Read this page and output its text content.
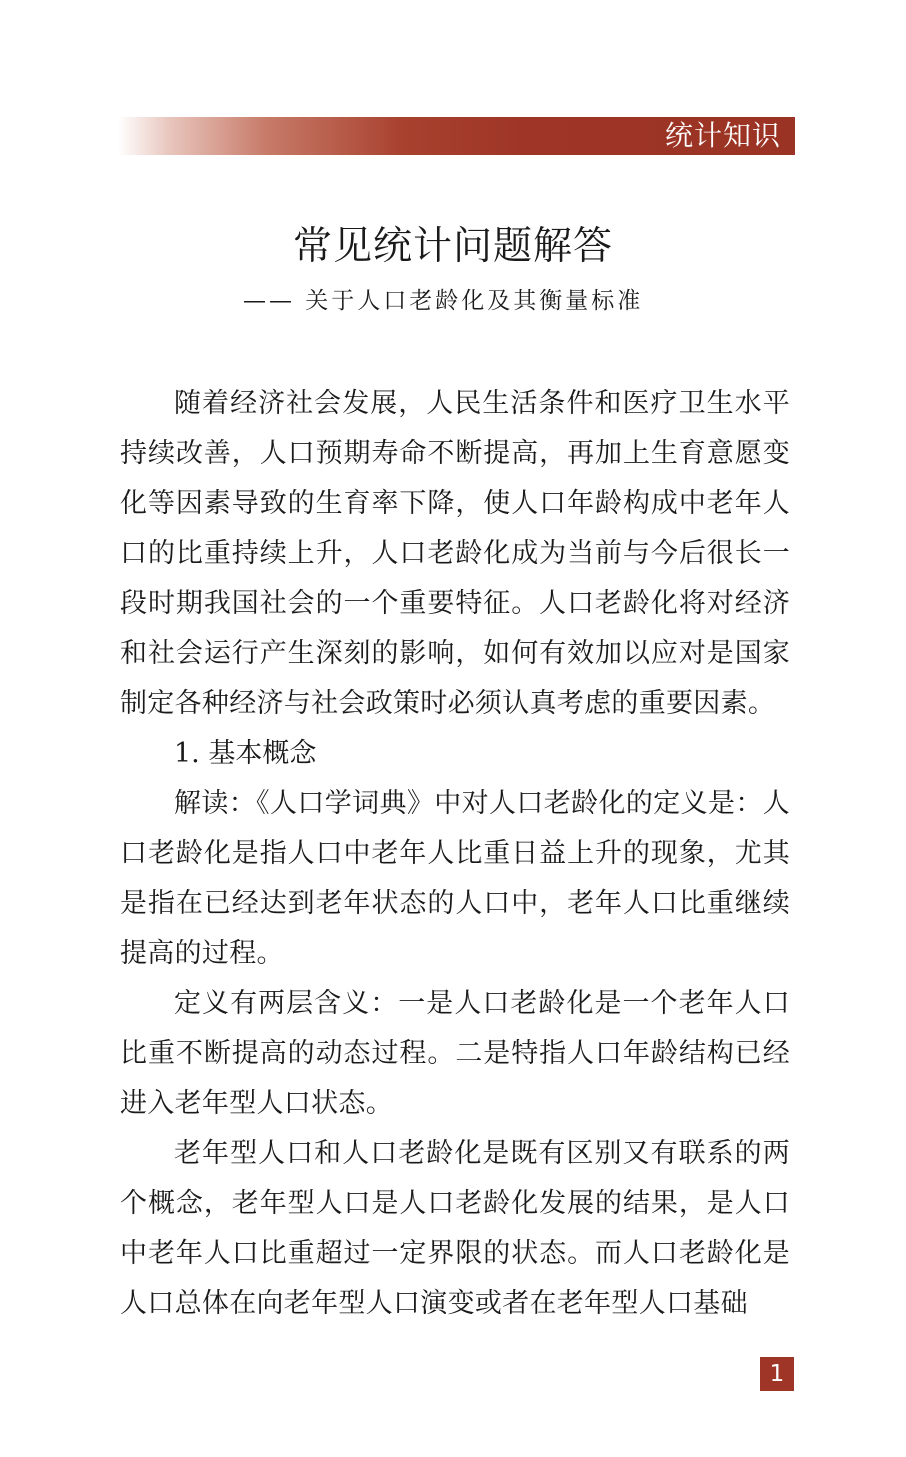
统计知识
常见统计问题解答
—— 关于人口老龄化及其衡量标准

随着经济社会发展，人民生活条件和医疗卫生水平持续改善，人口预期寿命不断提高，再加上生育意愿变化等因素导致的生育率下降，使人口年龄构成中老年人口的比重持续上升，人口老龄化成为当前与今后很长一段时期我国社会的一个重要特征。人口老龄化将对经济和社会运行产生深刻的影响，如何有效加以应对是国家制定各种经济与社会政策时必须认真考虑的重要因素。

1. 基本概念

解读：《人口学词典》中对人口老龄化的定义是：人口老龄化是指人口中老年人比重日益上升的现象，尤其是指在已经达到老年状态的人口中，老年人口比重继续提高的过程。

定义有两层含义：一是人口老龄化是一个老年人口比重不断提高的动态过程。二是特指人口年龄结构已经进入老年型人口状态。

老年型人口和人口老龄化是既有区别又有联系的两个概念，老年型人口是人口老龄化发展的结果，是人口中老年人口比重超过一定界限的状态。而人口老龄化是人口总体在向老年型人口演变或者在老年型人口基础

1
